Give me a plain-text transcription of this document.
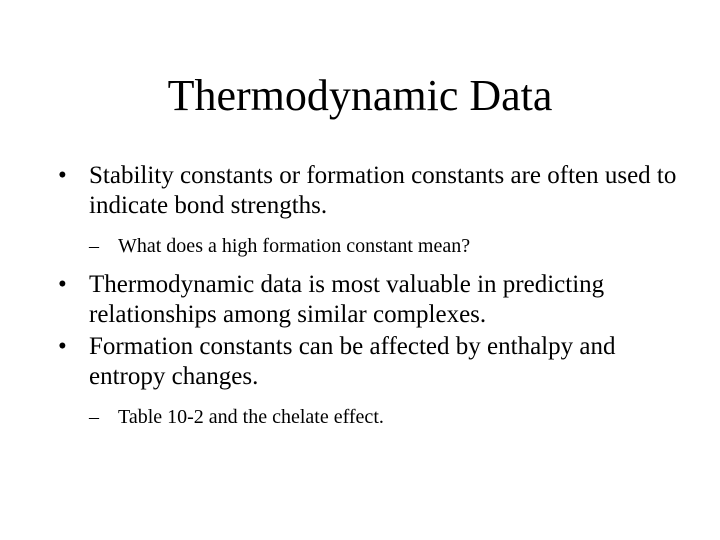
Thermodynamic Data
• Stability constants or formation constants are often used to indicate bond strengths.
– What does a high formation constant mean?
• Thermodynamic data is most valuable in predicting relationships among similar complexes.
• Formation constants can be affected by enthalpy and entropy changes.
– Table 10-2 and the chelate effect.
